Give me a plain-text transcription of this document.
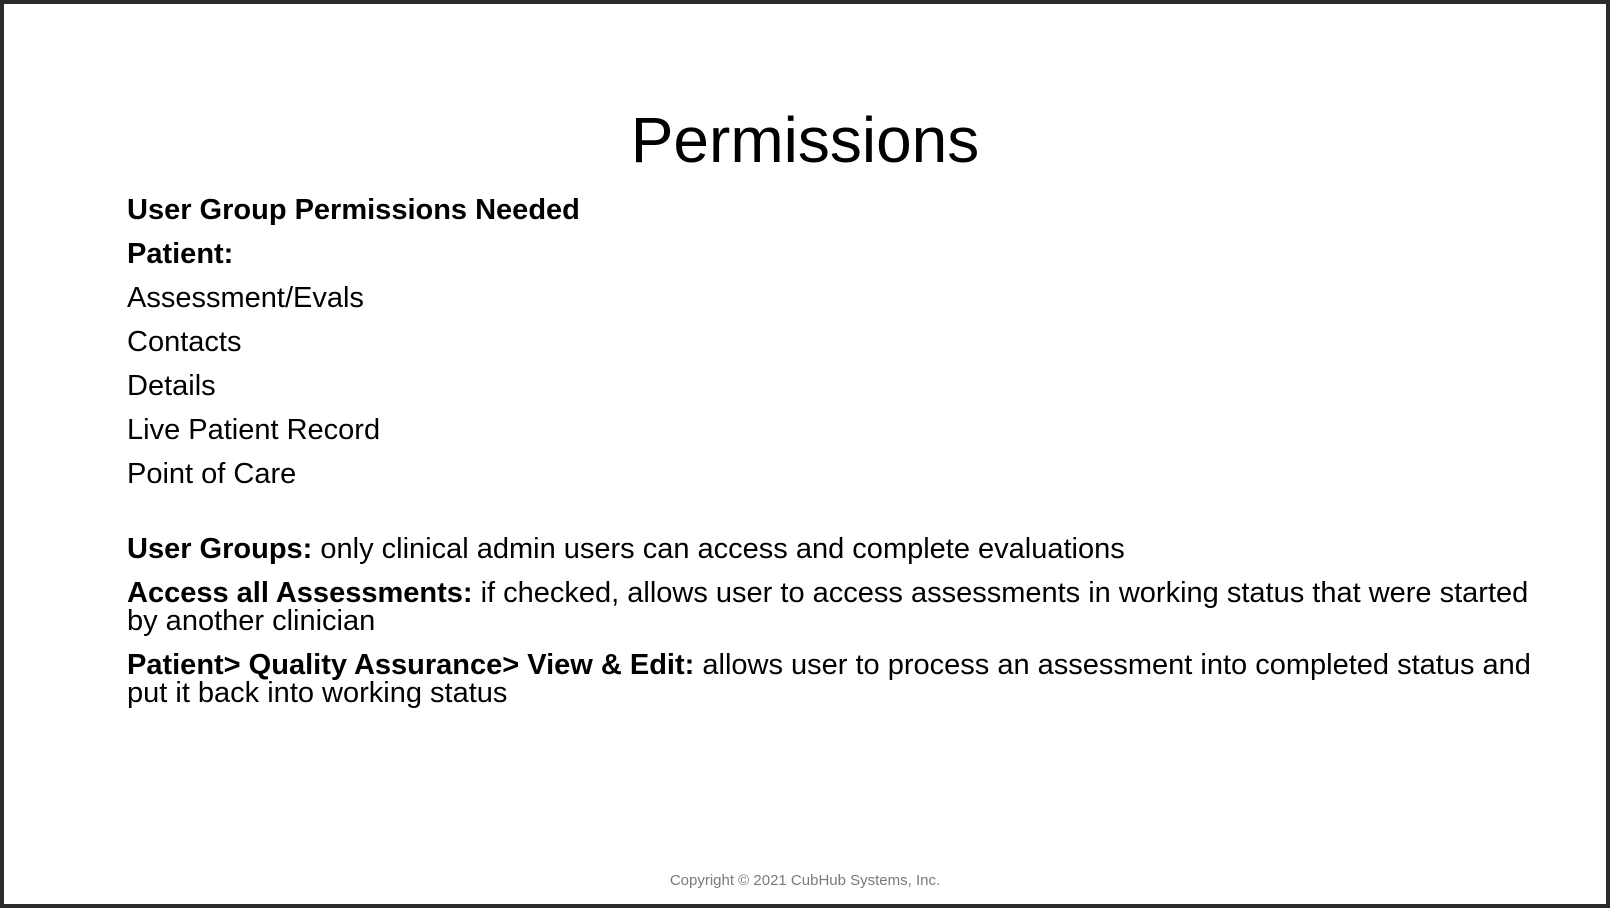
Permissions
User Group Permissions Needed
Patient:
Assessment/Evals
Contacts
Details
Live Patient Record
Point of Care
User Groups: only clinical admin users can access and complete evaluations
Access all Assessments: if checked, allows user to access assessments in working status that were started by another clinician
Patient> Quality Assurance> View & Edit: allows user to process an assessment into completed status and put it back into working status
Copyright © 2021 CubHub Systems, Inc.
